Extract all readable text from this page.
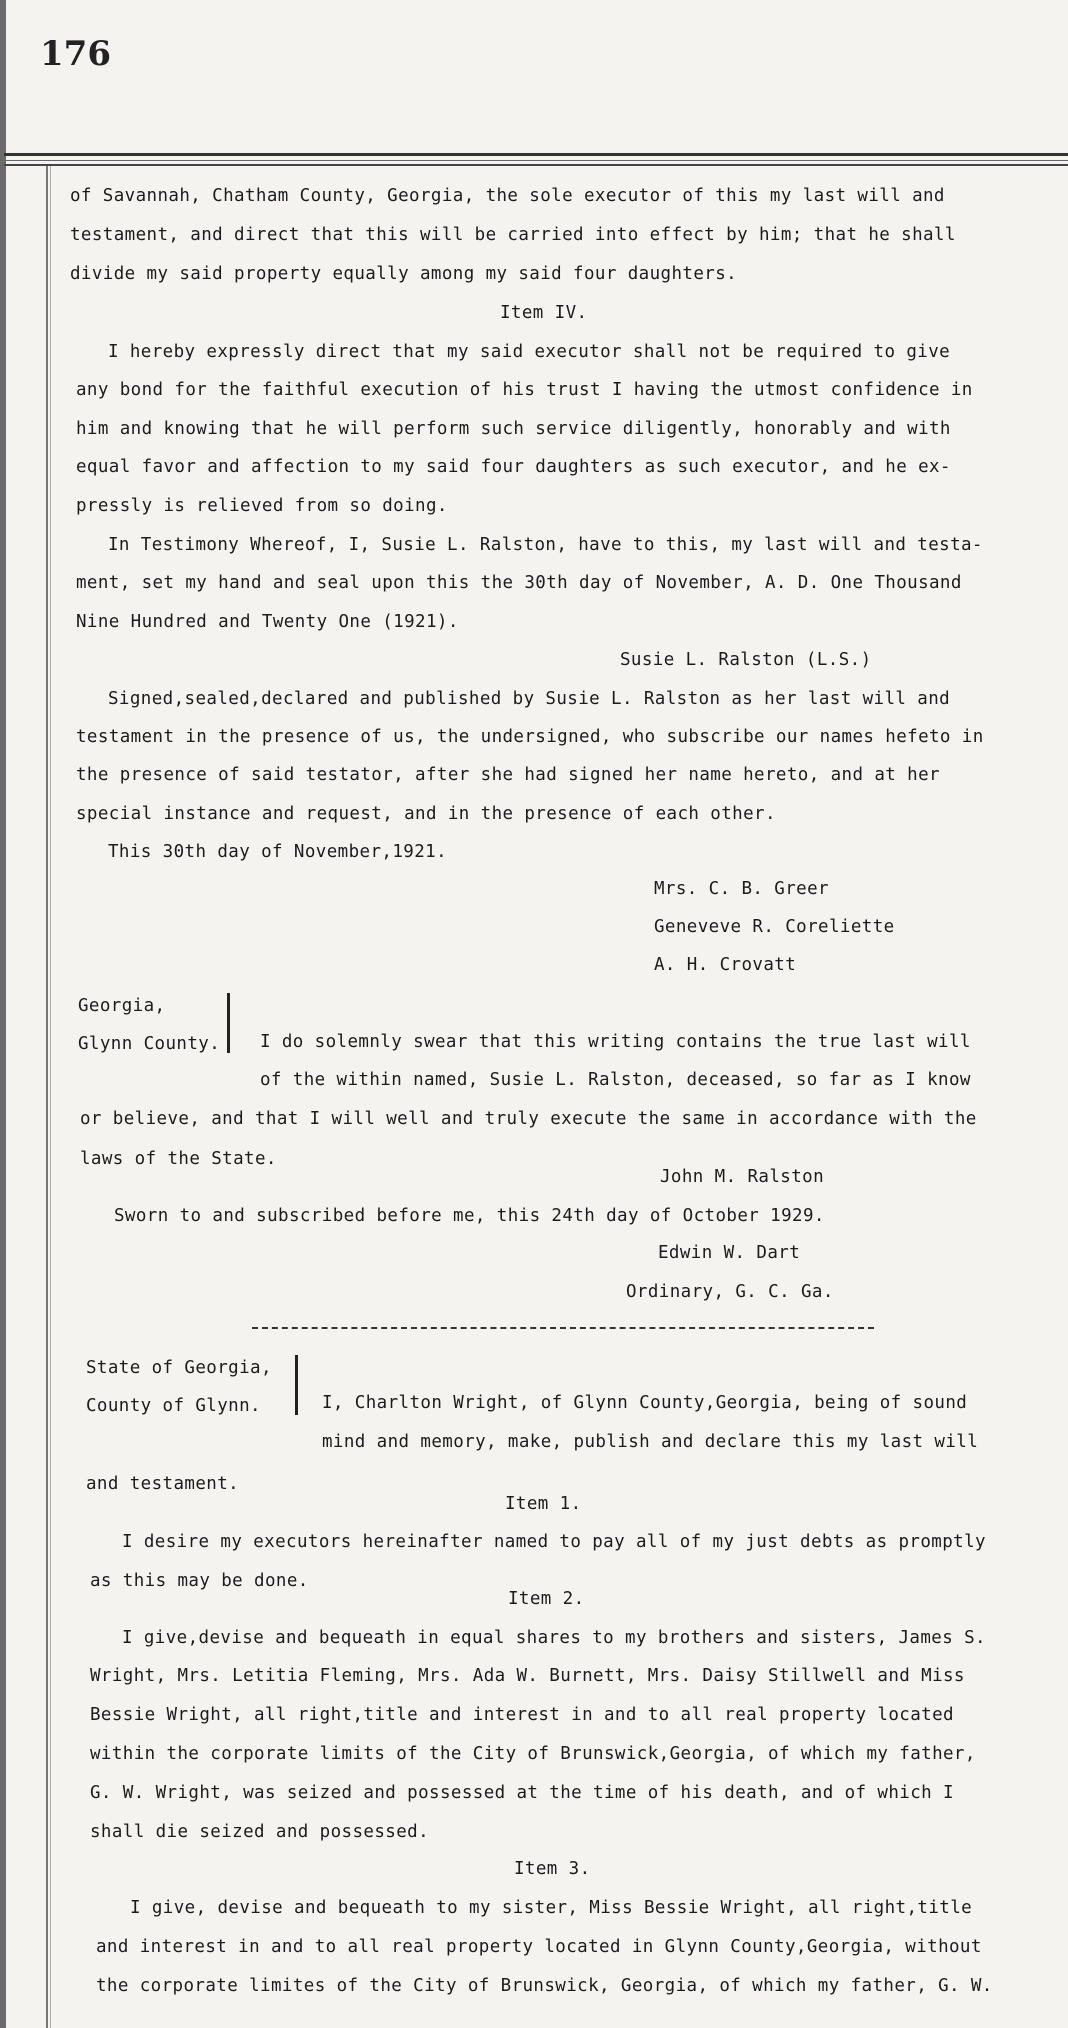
176
of Savannah, Chatham County, Georgia, the sole executor of this my last will and
testament, and direct that this will be carried into effect by him; that he shall
divide my said property equally among my said four daughters.
Item IV.
I hereby expressly direct that my said executor shall not be required to give
any bond for the faithful execution of his trust I having the utmost confidence in
him and knowing that he will perform such service diligently, honorably and with
equal favor and affection to my said four daughters as such executor, and he ex-
pressly is relieved from so doing.
In Testimony Whereof, I, Susie L. Ralston, have to this, my last will and testa-
ment, set my hand and seal upon this the 30th day of November, A. D. One Thousand
Nine Hundred and Twenty One (1921).
Susie L. Ralston (L.S.)
Signed,sealed,declared and published by Susie L. Ralston as her last will and
testament in the presence of us, the undersigned, who subscribe our names hefeto in
the presence of said testator, after she had signed her name hereto, and at her
special instance and request, and in the presence of each other.
This 30th day of November,1921.
Mrs. C. B. Greer
Geneveve R. Coreliette
A. H. Crovatt
Georgia,
Glynn County. I do solemnly swear that this writing contains the true last will
of the within named, Susie L. Ralston, deceased, so far as I know
or believe, and that I will well and truly execute the same in accordance with the
laws of the State.
John M. Ralston
Sworn to and subscribed before me, this 24th day of October 1929.
Edwin W. Dart
Ordinary, G. C. Ga.
State of Georgia,
County of Glynn.	I, Charlton Wright, of Glynn County,Georgia, being of sound
mind and memory, make, publish and declare this my last will
and testament.
Item 1.
I desire my executors hereinafter named to pay all of my just debts as promptly
as this may be done.
Item 2.
I give,devise and bequeath in equal shares to my brothers and sisters, James S.
Wright, Mrs. Letitia Fleming, Mrs. Ada W. Burnett, Mrs. Daisy Stillwell and Miss
Bessie Wright, all right,title and interest in and to all real property located
within the corporate limits of the City of Brunswick,Georgia, of which my father,
G. W. Wright, was seized and possessed at the time of his death, and of which I
shall die seized and possessed.
Item 3.
I give, devise and bequeath to my sister, Miss Bessie Wright, all right,title
and interest in and to all real property located in Glynn County,Georgia, without
the corporate limites of the City of Brunswick, Georgia, of which my father, G. W.
